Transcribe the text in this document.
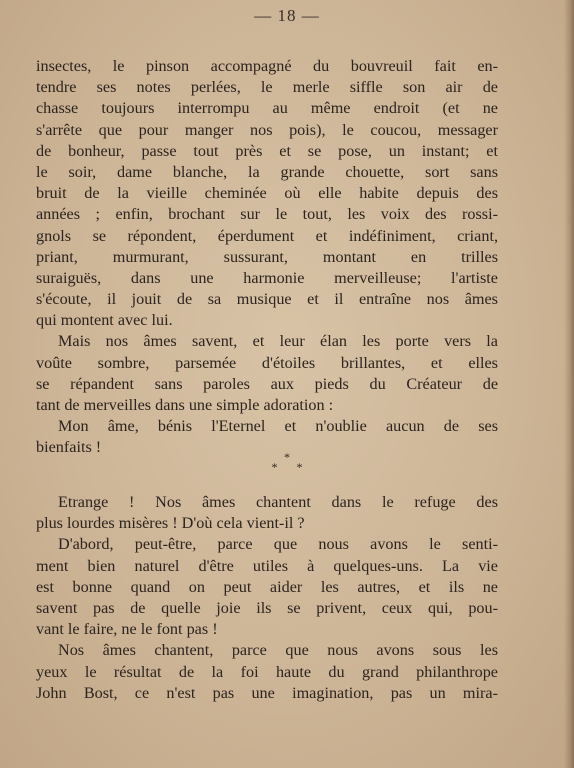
— 18 —
insectes, le pinson accompagné du bouvreuil fait en-
tendre ses notes perlées, le merle siffle son air de
chasse toujours interrompu au même endroit (et ne
s'arrête que pour manger nos pois), le coucou, messager
de bonheur, passe tout près et se pose, un instant; et
le soir, dame blanche, la grande chouette, sort sans
bruit de la vieille cheminée où elle habite depuis des
années ; enfin, brochant sur le tout, les voix des rossi-
gnols se répondent, éperdument et indéfiniment, criant,
priant, murmurant, sussurant, montant en trilles
suraiguës, dans une harmonie merveilleuse; l'artiste
s'écoute, il jouit de sa musique et il entraîne nos âmes
qui montent avec lui.
Mais nos âmes savent, et leur élan les porte vers la
voûte sombre, parsemée d'étoiles brillantes, et elles
se répandent sans paroles aux pieds du Créateur de
tant de merveilles dans une simple adoration :
Mon âme, bénis l'Eternel et n'oublie aucun de ses
bienfaits !
*
* *
Etrange ! Nos âmes chantent dans le refuge des
plus lourdes misères ! D'où cela vient-il ?
D'abord, peut-être, parce que nous avons le senti-
ment bien naturel d'être utiles à quelques-uns. La vie
est bonne quand on peut aider les autres, et ils ne
savent pas de quelle joie ils se privent, ceux qui, pou-
vant le faire, ne le font pas !
Nos âmes chantent, parce que nous avons sous les
yeux le résultat de la foi haute du grand philanthrope
John Bost, ce n'est pas une imagination, pas un mira-
